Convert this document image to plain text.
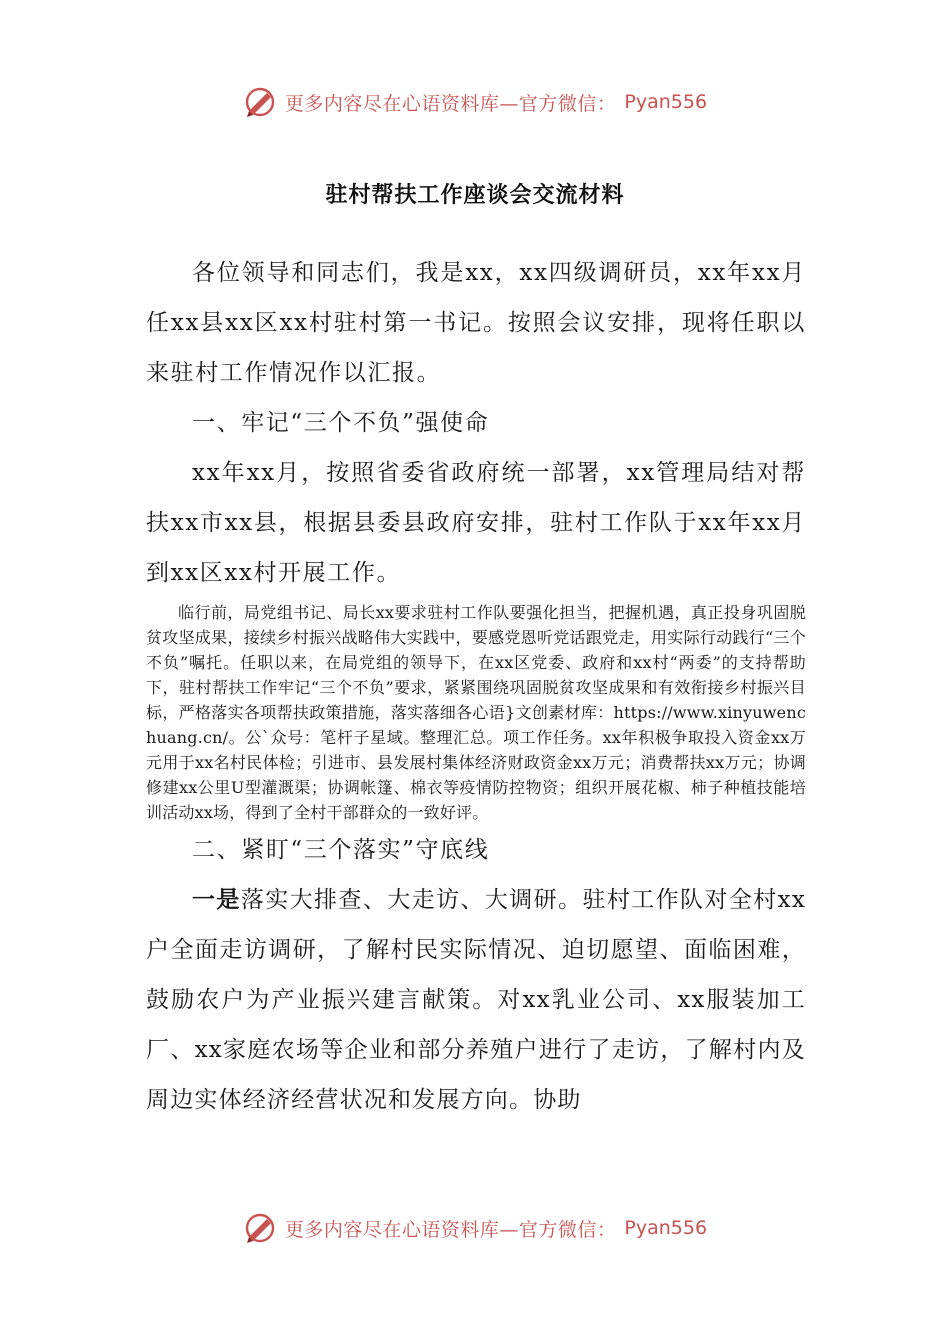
更多内容尽在心语资料库—官方微信： Pyan556
驻村帮扶工作座谈会交流材料

各位领导和同志们，我是xx，xx四级调研员，xx年xx月任xx县xx区xx村驻村第一书记。按照会议安排，现将任职以来驻村工作情况作以汇报。

一、牢记“三个不负”强使命

xx年xx月，按照省委省政府统一部署，xx管理局结对帮扶xx市xx县，根据县委县政府安排，驻村工作队于xx年xx月到xx区xx村开展工作。

临行前，局党组书记、局长xx要求驻村工作队要强化担当，把握机遇，真正投身巩固脱贫攻坚成果，接续乡村振兴战略伟大实践中，要感党恩听党话跟党走，用实际行动践行“三个不负”嘱托。任职以来，在局党组的领导下，在xx区党委、政府和xx村“两委”的支持帮助下，驻村帮扶工作牢记“三个不负”要求，紧紧围绕巩固脱贫攻坚成果和有效衔接乡村振兴目标，严格落实各项帮扶政策措施，落实落细各心语}文创素材库：https://www.xinyuwenchuang.cn/。公`众号：笔杆子星域。整理汇总。项工作任务。xx年积极争取投入资金xx万元用于xx名村民体检；引进市、县发展村集体经济财政资金xx万元；消费帮扶xx万元；协调修建xx公里U型灌溉渠；协调帐篷、棉衣等疫情防控物资；组织开展花椒、柿子种植技能培训活动xx场，得到了全村干部群众的一致好评。

二、紧盯“三个落实”守底线

一是落实大排查、大走访、大调研。驻村工作队对全村xx户全面走访调研，了解村民实际情况、迫切愿望、面临困难，鼓励农户为产业振兴建言献策。对xx乳业公司、xx服装加工厂、xx家庭农场等企业和部分养殖户进行了走访，了解村内及周边实体经济经营状况和发展方向。协助

更多内容尽在心语资料库—官方微信： Pyan556
